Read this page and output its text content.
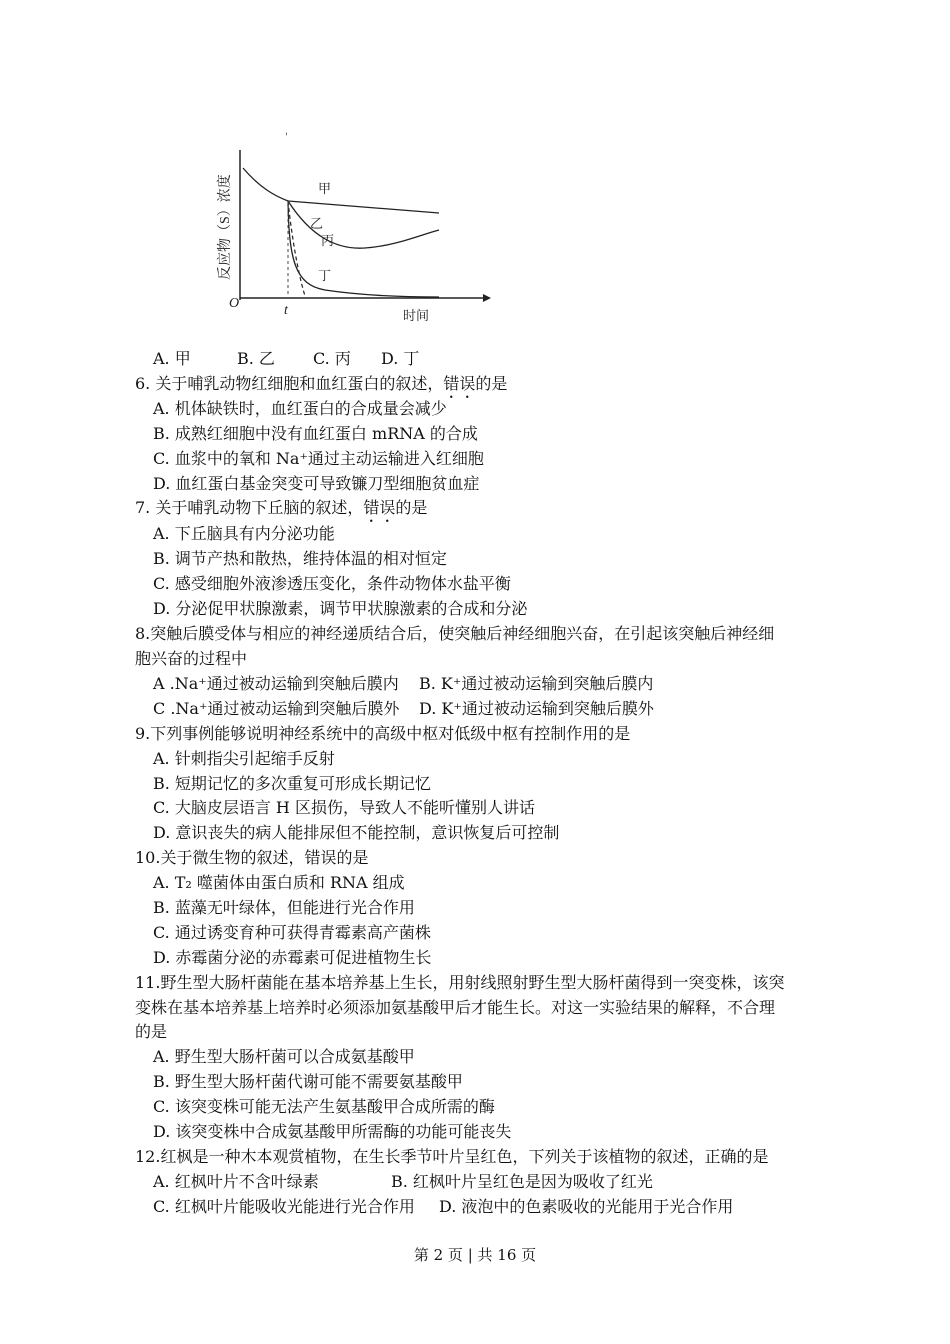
反应物（S）浓度
时间
O	t
甲
乙
丙
丁
'
A. 甲	B. 乙 C. 丙 D. 丁
6. 关于哺乳动物红细胞和血红蛋白的叙述，错误的是
A. 机体缺铁时，血红蛋白的合成量会减少
B. 成熟红细胞中没有血红蛋白 mRNA 的合成
C. 血浆中的氧和 Na⁺通过主动运输进入红细胞
D. 血红蛋白基金突变可导致镰刀型细胞贫血症
7. 关于哺乳动物下丘脑的叙述，错误的是
A. 下丘脑具有内分泌功能
B. 调节产热和散热，维持体温的相对恒定
C. 感受细胞外液渗透压变化，条件动物体水盐平衡
D. 分泌促甲状腺激素，调节甲状腺激素的合成和分泌
8.突触后膜受体与相应的神经递质结合后，使突触后神经细胞兴奋，在引起该突触后神经细
胞兴奋的过程中
A .Na⁺通过被动运输到突触后膜内 B. K⁺通过被动运输到突触后膜内
C .Na⁺通过被动运输到突触后膜外 D. K⁺通过被动运输到突触后膜外
9.下列事例能够说明神经系统中的高级中枢对低级中枢有控制作用的是
A. 针刺指尖引起缩手反射
B. 短期记忆的多次重复可形成长期记忆
C. 大脑皮层语言 H 区损伤，导致人不能听懂别人讲话
D. 意识丧失的病人能排尿但不能控制，意识恢复后可控制
10.关于微生物的叙述，错误的是
A. T₂ 噬菌体由蛋白质和 RNA 组成
B. 蓝藻无叶绿体，但能进行光合作用
C. 通过诱变育种可获得青霉素高产菌株
D. 赤霉菌分泌的赤霉素可促进植物生长
11.野生型大肠杆菌能在基本培养基上生长，用射线照射野生型大肠杆菌得到一突变株，该突
变株在基本培养基上培养时必须添加氨基酸甲后才能生长。对这一实验结果的解释，不合理
的是
A. 野生型大肠杆菌可以合成氨基酸甲
B. 野生型大肠杆菌代谢可能不需要氨基酸甲
C. 该突变株可能无法产生氨基酸甲合成所需的酶
D. 该突变株中合成氨基酸甲所需酶的功能可能丧失
12.红枫是一种木本观赏植物，在生长季节叶片呈红色，下列关于该植物的叙述，正确的是
A. 红枫叶片不含叶绿素	B. 红枫叶片呈红色是因为吸收了红光
C. 红枫叶片能吸收光能进行光合作用 D. 液泡中的色素吸收的光能用于光合作用
第 2 页 | 共 16 页
